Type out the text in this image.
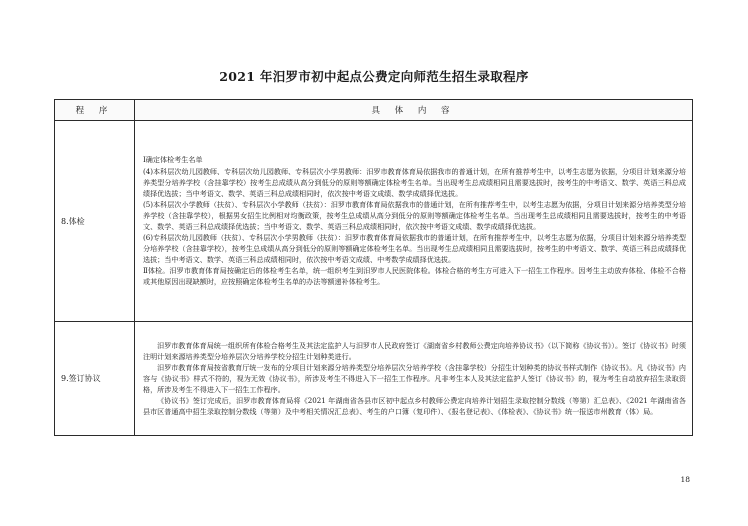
2021 年汨罗市初中起点公费定向师范生招生录取程序
程 序	具 体 内 容
8.体检	Ⅰ确定体检考生名单

(4)本科层次幼儿园教师、专科层次幼儿园教师、专科层次小学男教师：汨罗市教育体育局依据我市的普通计划，在所有推荐考生中，以考生志愿为依据，分项目计划来源分培养类型分培养学校（含挂靠学校）按考生总成绩从高分到低分的原则等额确定体检考生名单。当出现考生总成绩相同且需要选拔时，按考生的中考语文、数学、英语三科总成绩择优选拔；当中考语文、数学、英语三科总成绩相同时，依次按中考语文成绩、数学成绩择优选拔。

(5)本科层次小学教师（扶贫）、专科层次小学教师（扶贫）：汨罗市教育体育局依据我市的普通计划，在所有推荐考生中，以考生志愿为依据，分项目计划来源分培养类型分培养学校（含挂靠学校），根据男女招生比例相对均衡政策，按考生总成绩从高分到低分的原则等额确定体检考生名单。当出现考生总成绩相同且需要选拔时，按考生的中考语文、数学、英语三科总成绩择优选拔；当中考语文、数学、英语三科总成绩相同时，依次按中考语文成绩、数学成绩择优选拔。

(6)专科层次幼儿园教师（扶贫）、专科层次小学男教师（扶贫）：汨罗市教育体育局依据我市的普通计划，在所有推荐考生中，以考生志愿为依据，分项目计划来源分培养类型分培养学校（含挂靠学校），按考生总成绩从高分到低分的原则等额确定体检考生名单。当出现考生总成绩相同且需要选拔时，按考生的中考语文、数学、英语三科总成绩择优选拔；当中考语文、数学、英语三科总成绩相同时，依次按中考语文成绩、中考数学成绩择优选拔。

Ⅱ体检。汨罗市教育体育局按确定后的体检考生名单，统一组织考生到汨罗市人民医院体检。体检合格的考生方可进入下一招生工作程序。因考生主动放弃体检、体检不合格或其他原因出现缺额时，应按照确定体检考生名单的办法等额递补体检考生。

9.签订协议	汨罗市教育体育局统一组织所有体检合格考生及其法定监护人与汨罗市人民政府签订《湖南省乡村教师公费定向培养协议书》（以下简称《协议书》）。签订《协议书》时须注明计划来源培养类型分培养层次分培养学校分招生计划种类进行。

汨罗市教育体育局按省教育厅统一发布的分项目计划来源分培养类型分培养层次分培养学校（含挂靠学校）分招生计划种类的协议书样式制作《协议书》。凡《协议书》内容与《协议书》样式不符的，视为无效《协议书》，所涉及考生不得进入下一招生工作程序。凡非考生本人及其法定监护人签订《协议书》的，视为考生自动放弃招生录取资格，所涉及考生不得进入下一招生工作程序。

《协议书》签订完成后，汨罗市教育体育局将《2021 年湖南省各县市区初中起点乡村教师公费定向培养计划招生录取控制分数线（等第）汇总表》、《2021 年湖南省各县市区普通高中招生录取控制分数线（等第）及中考相关情况汇总表》、考生的户口簿（复印件）、《报名登记表》、《体检表》、《协议书》统一报送市州教育（体）局。

18
